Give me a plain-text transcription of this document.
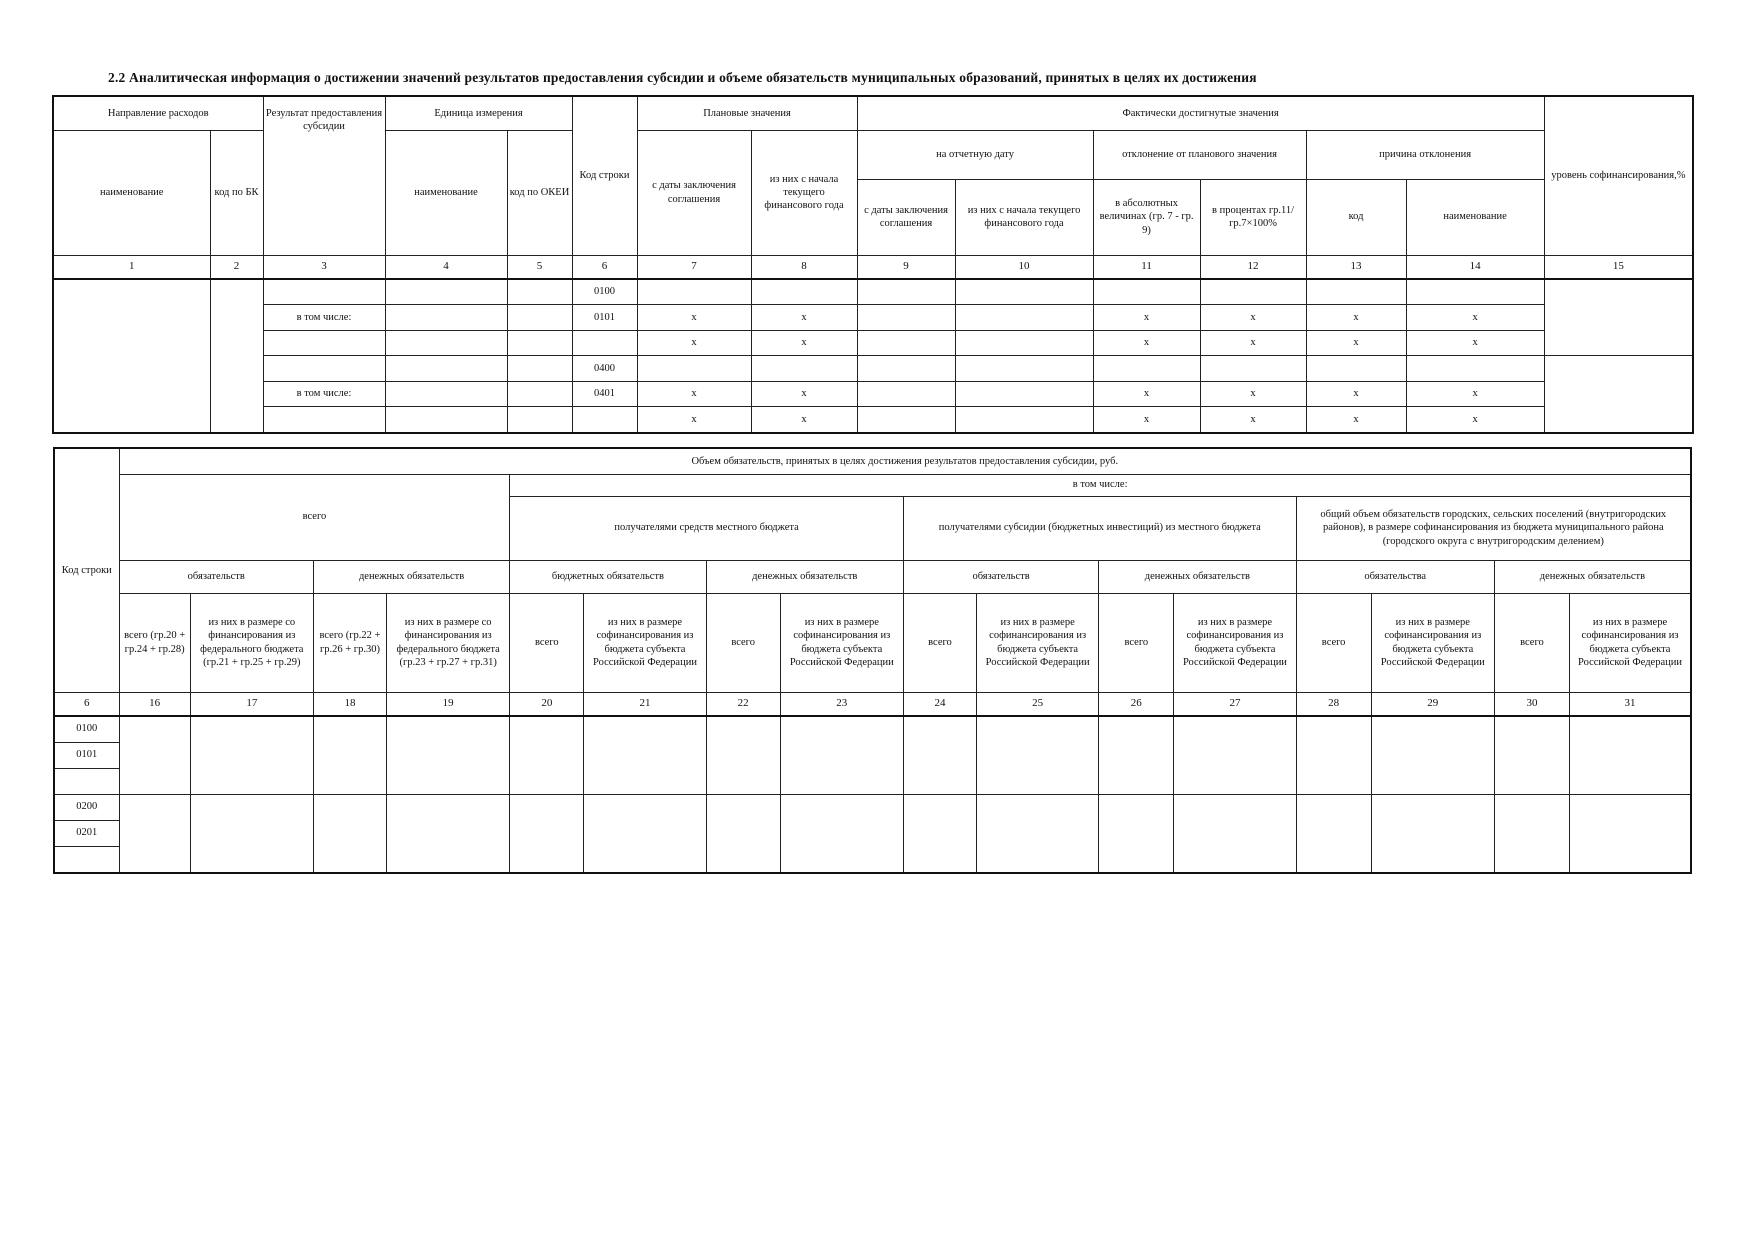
2.2 Аналитическая информация о достижении значений результатов предоставления субсидии и объеме обязательств муниципальных образований, принятых в целях их достижения
Направление расходов		Результат предоставления субсидии	Единица измерения		Код строки	Плановые значения		Фактически достигнутые значения						уровень софинансирования,%
наименование	код по БК		наименование	код по ОКЕИ		с даты заключения соглашения	из них с начала текущего финансового года	на отчетную дату		отклонение от планового значения		причина отклонения		
								с даты заключения соглашения	из них с начала текущего финансового года	в абсолютных величинах (гр. 7 - гр. 9)	в процентах гр.11/гр.7×100%	код	наименование	
1	2	3	4	5	6	7	8	9	10	11	12	13	14	15
					0100									
		в том числе:			0101	x	x			x	x	x	x	
						x	x			x	x	x	x	
					0400									
		в том числе:			0401	x	x			x	x	x	x	
						x	x			x	x	x	x	
Код строки	Объем обязательств, принятых в целях достижения результатов предоставления субсидии, руб.															
	всего				в том числе:											
					получателями средств местного бюджета				получателями субсидии (бюджетных инвестиций) из местного бюджета				общий объем обязательств городских, сельских поселений (внутригородских районов), в размере софинансирования из бюджета муниципального района (городского округа с внутригородским делением)			
	обязательств		денежных обязательств		бюджетных обязательств		денежных обязательств		обязательств		денежных обязательств		обязательства		денежных обязательств	
	всего (гр.20 + гр.24 + гр.28)	из них в размере со финансирования из федерального бюджета (гр.21 + гр.25 + гр.29)	всего (гр.22 + гр.26 + гр.30)	из них в размере со финансирования из федерального бюджета (гр.23 + гр.27 + гр.31)	всего	из них в размере софинансирования из бюджета субъекта Российской Федерации	всего	из них в размере софинансирования из бюджета субъекта Российской Федерации	всего	из них в размере софинансирования из бюджета субъекта Российской Федерации	всего	из них в размере софинансирования из бюджета субъекта Российской Федерации	всего	из них в размере софинансирования из бюджета субъекта Российской Федерации	всего	из них в размере софинансирования из бюджета субъекта Российской Федерации
6	16	17	18	19	20	21	22	23	24	25	26	27	28	29	30	31
0100																
0101																

0200																
0201																
